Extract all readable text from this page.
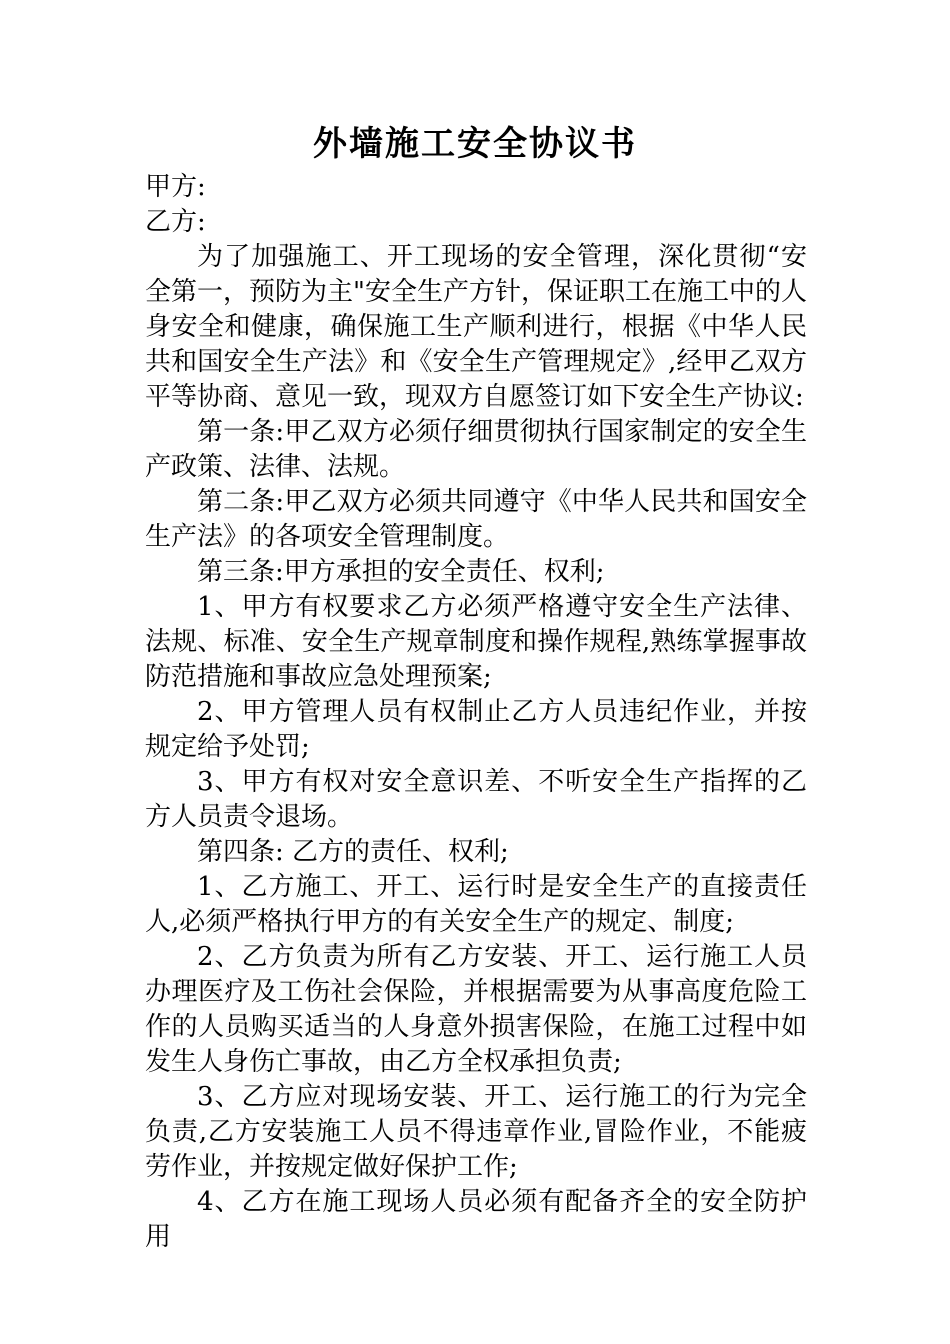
外墙施工安全协议书

甲方:

乙方:

为了加强施工、开工现场的安全管理，深化贯彻“安全第一，预防为主"安全生产方针，保证职工在施工中的人身安全和健康，确保施工生产顺利进行，根据《中华人民共和国安全生产法》和《安全生产管理规定》,经甲乙双方平等协商、意见一致，现双方自愿签订如下安全生产协议:

第一条:甲乙双方必须仔细贯彻执行国家制定的安全生产政策、法律、法规。

第二条:甲乙双方必须共同遵守《中华人民共和国安全生产法》的各项安全管理制度。

第三条:甲方承担的安全责任、权利;

1、甲方有权要求乙方必须严格遵守安全生产法律、法规、标准、安全生产规章制度和操作规程,熟练掌握事故防范措施和事故应急处理预案;

2、甲方管理人员有权制止乙方人员违纪作业，并按规定给予处罚;

3、甲方有权对安全意识差、不听安全生产指挥的乙方人员责令退场。

第四条: 乙方的责任、权利;

1、乙方施工、开工、运行时是安全生产的直接责任人,必须严格执行甲方的有关安全生产的规定、制度;

2、乙方负责为所有乙方安装、开工、运行施工人员办理医疗及工伤社会保险，并根据需要为从事高度危险工作的人员购买适当的人身意外损害保险，在施工过程中如发生人身伤亡事故，由乙方全权承担负责;

3、乙方应对现场安装、开工、运行施工的行为完全负责,乙方安装施工人员不得违章作业,冒险作业，不能疲劳作业，并按规定做好保护工作;

4、乙方在施工现场人员必须有配备齐全的安全防护用
